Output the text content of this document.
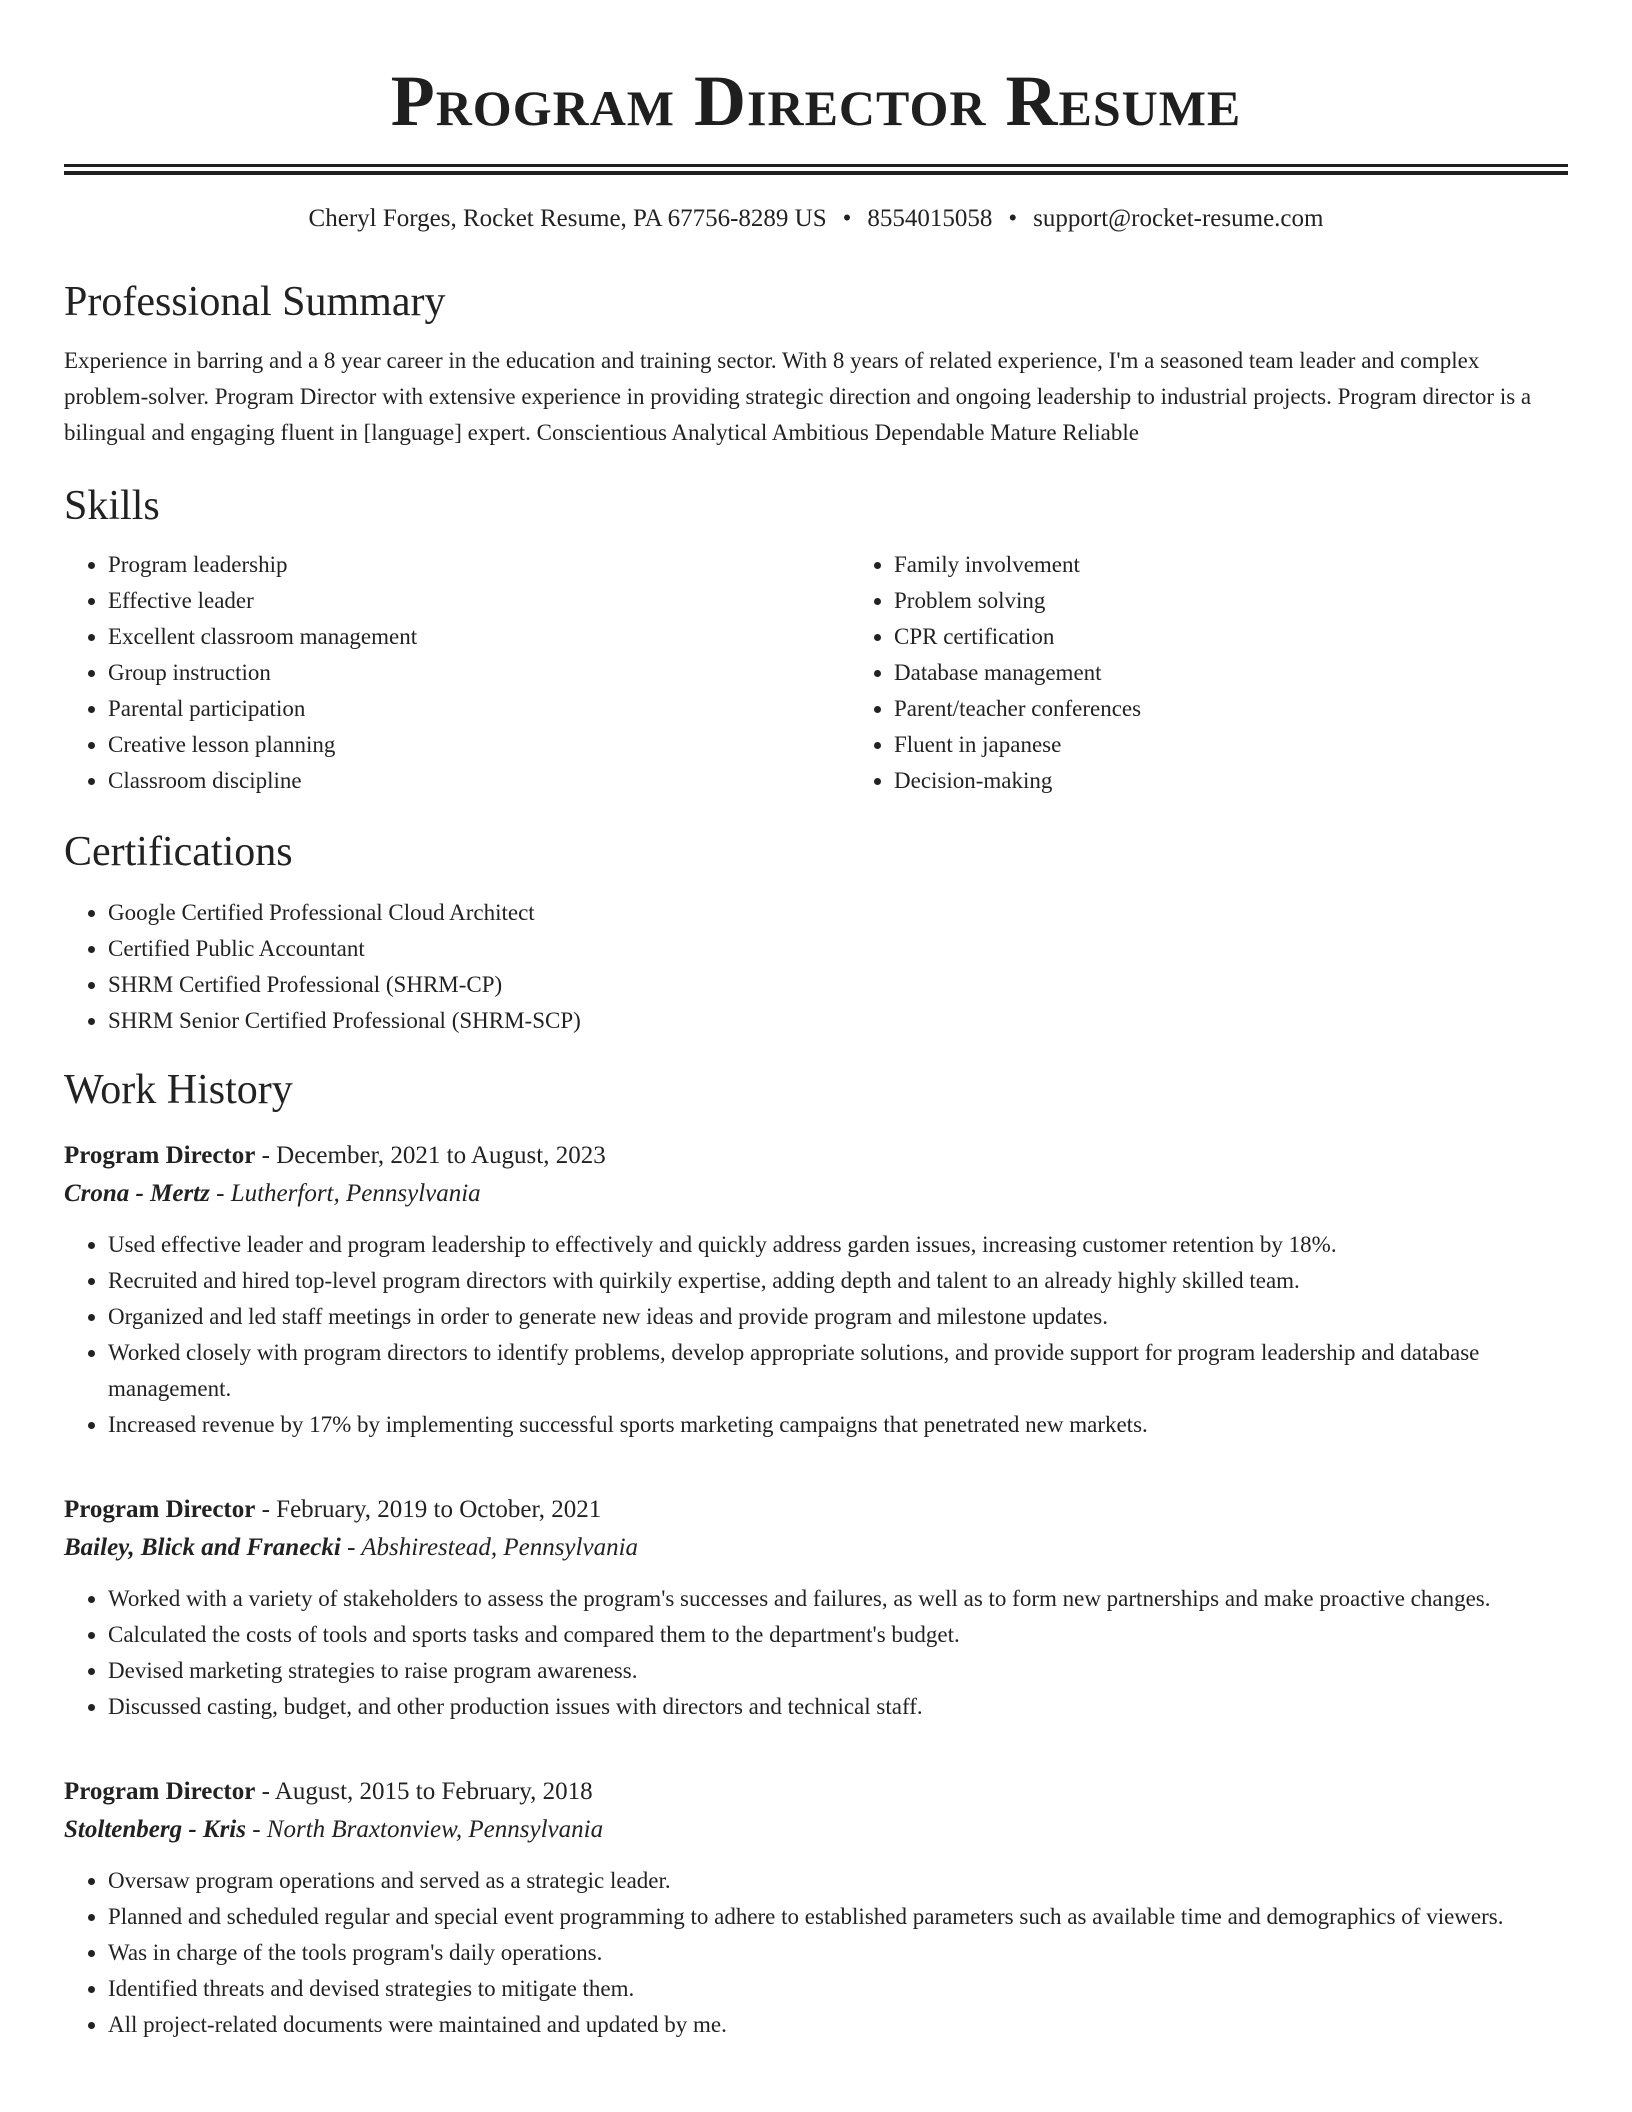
Program Director Resume
Cheryl Forges, Rocket Resume, PA 67756-8289 US • 8554015058 • support@rocket-resume.com
Professional Summary

Experience in barring and a 8 year career in the education and training sector. With 8 years of related experience, I'm a seasoned team leader and complex problem-solver. Program Director with extensive experience in providing strategic direction and ongoing leadership to industrial projects. Program director is a bilingual and engaging fluent in [language] expert. Conscientious Analytical Ambitious Dependable Mature Reliable

Skills
• Program leadership
• Effective leader
• Excellent classroom management
• Group instruction
• Parental participation
• Creative lesson planning
• Classroom discipline
• Family involvement
• Problem solving
• CPR certification
• Database management
• Parent/teacher conferences
• Fluent in japanese
• Decision-making
Certifications
• Google Certified Professional Cloud Architect
• Certified Public Accountant
• SHRM Certified Professional (SHRM-CP)
• SHRM Senior Certified Professional (SHRM-SCP)
Work History
Program Director - December, 2021 to August, 2023
Crona - Mertz - Lutherfort, Pennsylvania
• Used effective leader and program leadership to effectively and quickly address garden issues, increasing customer retention by 18%.
• Recruited and hired top-level program directors with quirkily expertise, adding depth and talent to an already highly skilled team.
• Organized and led staff meetings in order to generate new ideas and provide program and milestone updates.
• Worked closely with program directors to identify problems, develop appropriate solutions, and provide support for program leadership and database management.
• Increased revenue by 17% by implementing successful sports marketing campaigns that penetrated new markets.
Program Director - February, 2019 to October, 2021
Bailey, Blick and Franecki - Abshirestead, Pennsylvania
• Worked with a variety of stakeholders to assess the program's successes and failures, as well as to form new partnerships and make proactive changes.
• Calculated the costs of tools and sports tasks and compared them to the department's budget.
• Devised marketing strategies to raise program awareness.
• Discussed casting, budget, and other production issues with directors and technical staff.
Program Director - August, 2015 to February, 2018
Stoltenberg - Kris - North Braxtonview, Pennsylvania
• Oversaw program operations and served as a strategic leader.
• Planned and scheduled regular and special event programming to adhere to established parameters such as available time and demographics of viewers.
• Was in charge of the tools program's daily operations.
• Identified threats and devised strategies to mitigate them.
• All project-related documents were maintained and updated by me.
